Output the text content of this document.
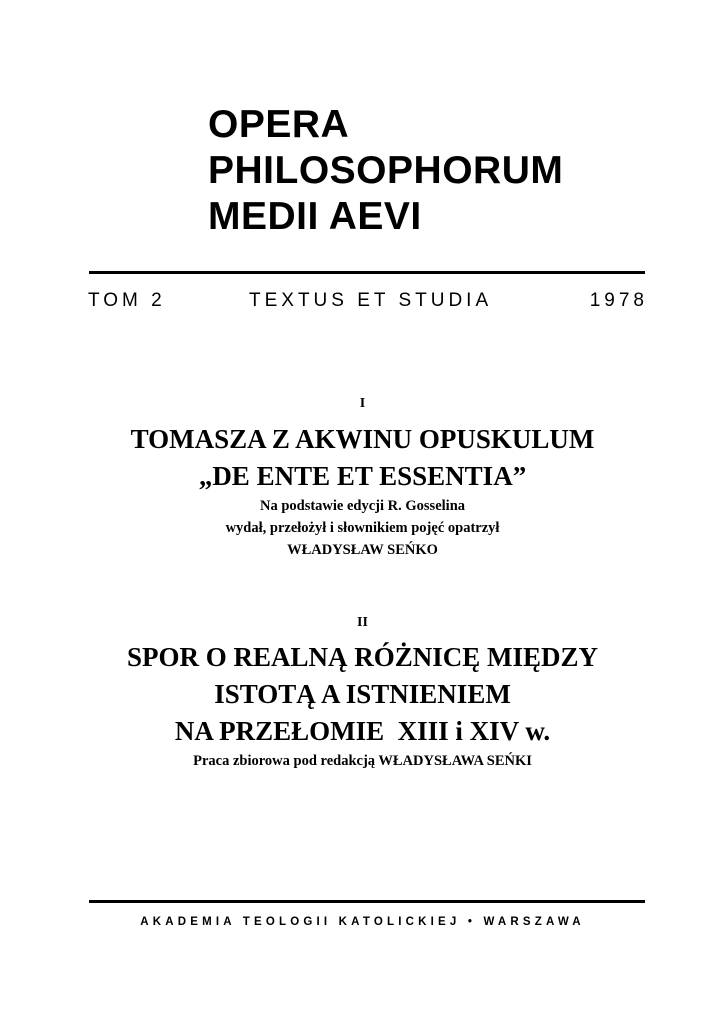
OPERA
PHILOSOPHORUM
MEDII AEVI
TOM 2	TEXTUS ET STUDIA	1978
I
TOMASZA Z AKWINU OPUSKULUM
„DE ENTE ET ESSENTIA”
Na podstawie edycji R. Gosselina
wydał, przełożył i słownikiem pojęć opatrzył
WŁADYSŁAW SEŃKO
II
SPOR O REALNĄ RÓŻNICĘ MIĘDZY
ISTOTĄ A ISTNIENIEM
NA PRZEŁOMIE  XIII i XIV w.
Praca zbiorowa pod redakcją WŁADYSŁAWA SEŃKI
AKADEMIA TEOLOGII KATOLICKIEJ • WARSZAWA
